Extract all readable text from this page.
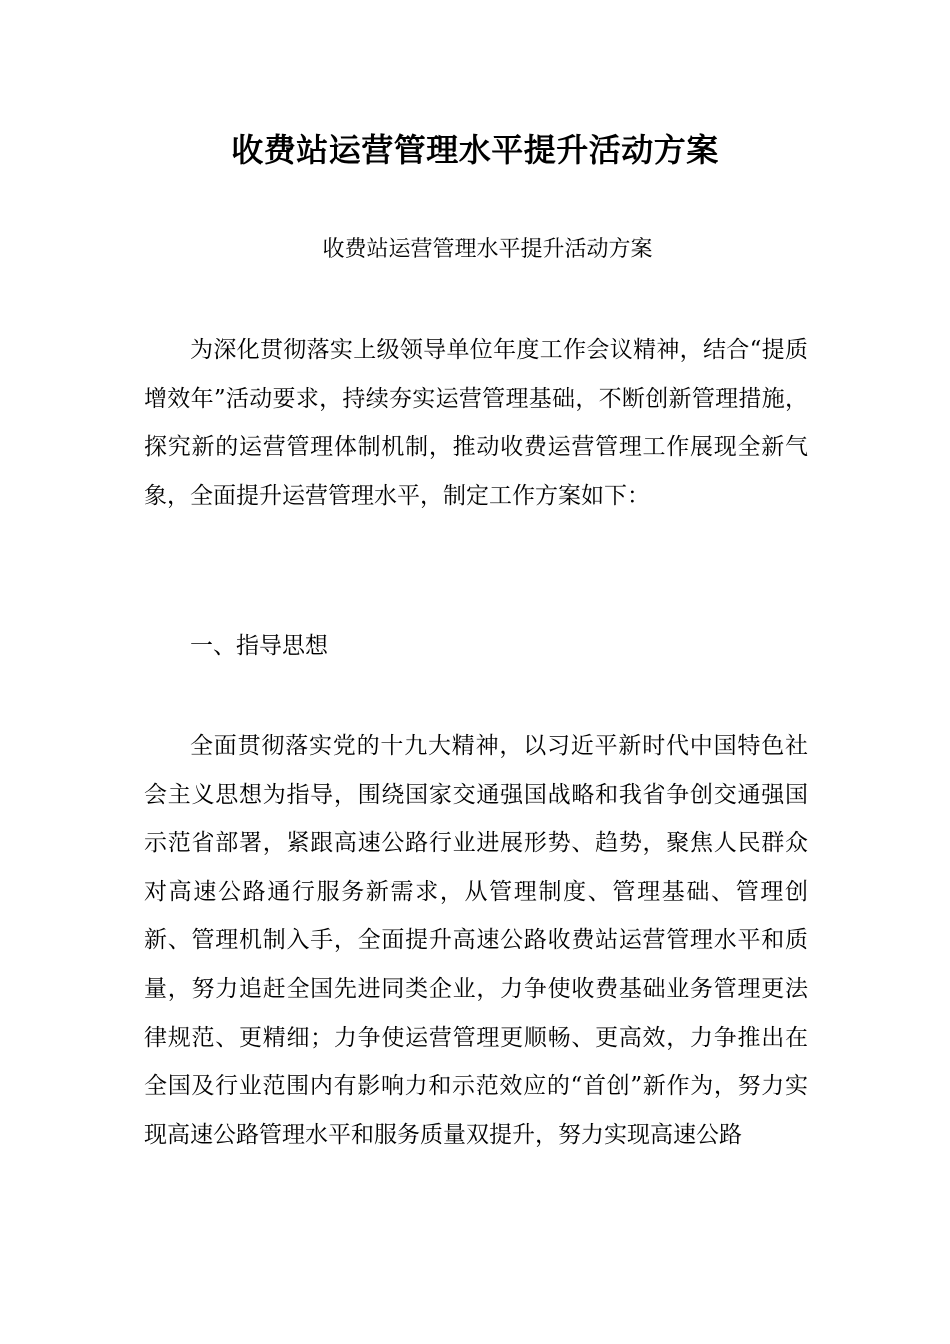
收费站运营管理水平提升活动方案

收费站运营管理水平提升活动方案

为深化贯彻落实上级领导单位年度工作会议精神，结合“提质增效年”活动要求，持续夯实运营管理基础，不断创新管理措施，探究新的运营管理体制机制，推动收费运营管理工作展现全新气象，全面提升运营管理水平，制定工作方案如下：

一、指导思想

全面贯彻落实党的十九大精神，以习近平新时代中国特色社会主义思想为指导，围绕国家交通强国战略和我省争创交通强国示范省部署，紧跟高速公路行业进展形势、趋势，聚焦人民群众对高速公路通行服务新需求，从管理制度、管理基础、管理创新、管理机制入手，全面提升高速公路收费站运营管理水平和质量，努力追赶全国先进同类企业，力争使收费基础业务管理更法律规范、更精细；力争使运营管理更顺畅、更高效，力争推出在全国及行业范围内有影响力和示范效应的“首创”新作为，努力实现高速公路管理水平和服务质量双提升，努力实现高速公路
